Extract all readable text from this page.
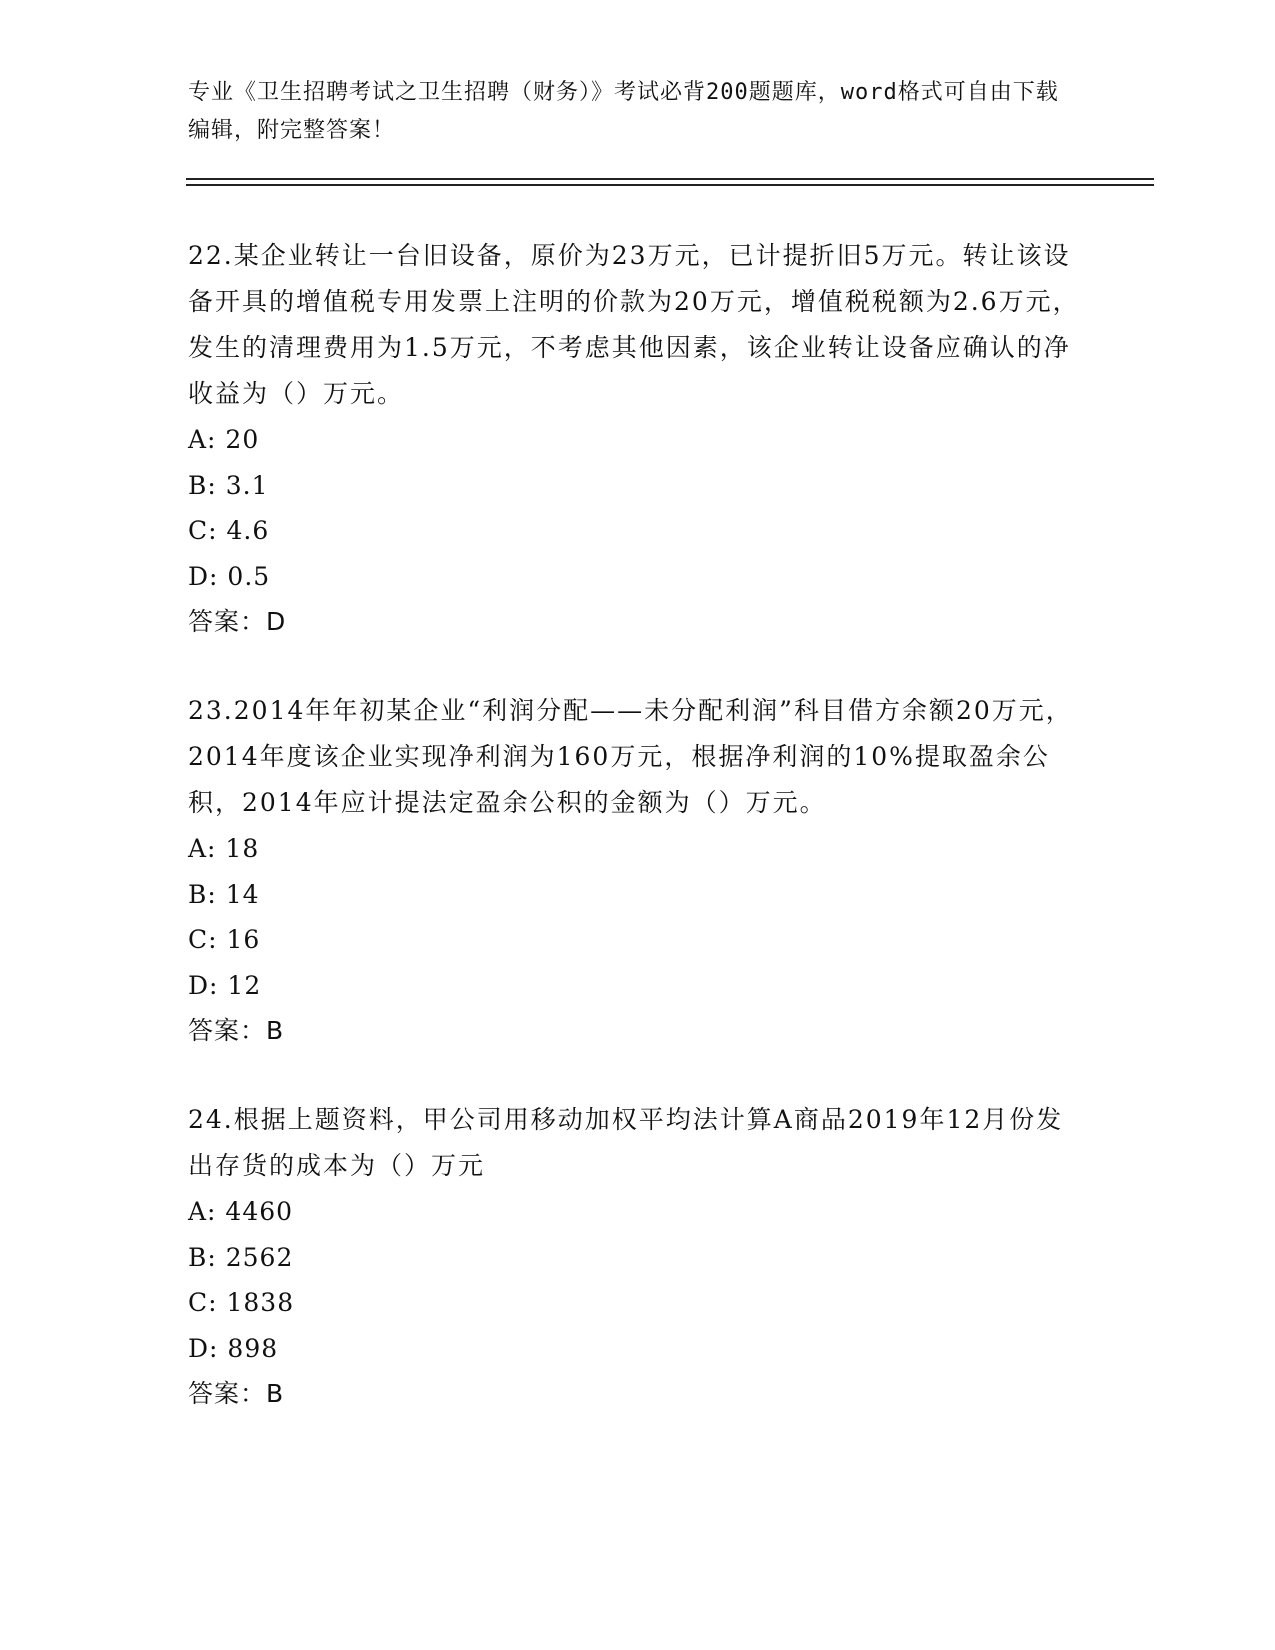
专业《卫生招聘考试之卫生招聘（财务）》考试必背200题题库，word格式可自由下载编辑，附完整答案！

22.某企业转让一台旧设备，原价为23万元，已计提折旧5万元。转让该设备开具的增值税专用发票上注明的价款为20万元，增值税税额为2.6万元，发生的清理费用为1.5万元，不考虑其他因素，该企业转让设备应确认的净收益为（）万元。

A: 20

B: 3.1

C: 4.6

D: 0.5

答案：D

23.2014年年初某企业“利润分配——未分配利润”科目借方余额20万元，2014年度该企业实现净利润为160万元，根据净利润的10%提取盈余公积，2014年应计提法定盈余公积的金额为（）万元。

A: 18

B: 14

C: 16

D: 12

答案：B

24.根据上题资料，甲公司用移动加权平均法计算A商品2019年12月份发出存货的成本为（）万元

A: 4460

B: 2562

C: 1838

D: 898

答案：B
